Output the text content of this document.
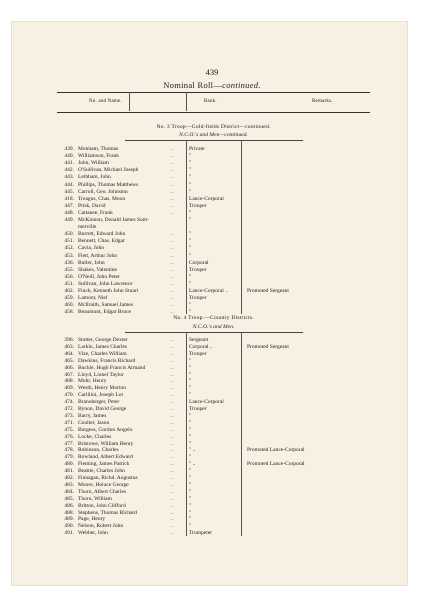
439
Nominal Roll—continued.
No. and Name.	Rank.	Remarks.
No. 3 Troop—Gold-fields District—continued.
N.C.O.'s and Men—continued.
439. Monham, Thomas	..	Private
440. Williamson, Frank	..	"
441. John, William	..	"
442. O'Sullivan, Michael Joseph	..	"
443. Lethbam, John	..	"
444. Phillips, Thomas Matthews	..	"
445. Carroll, Geo. Johnston	..	"
418. Treagus, Chas. Moon	..	Lance-Corporal
447. Prisk, David	..	Trooper
448. Cattanee, Frank	..	"
449. McKinnon, Donald James Som-	"
merville
450. Burrett, Edward John	..	"
451. Bennett, Chas. Edgar	..	"
452. Cavia, John	..	"
453. Flett, Arthur John	..	"
436. Butler, John	..	Corporal
455. Shakes, Valentine	..	Trooper
456. O'Neill, John Peter	..	"
451. Sullivan, John Lawrence	..	"
462. Finch, Kenneth John Stuart	..	Lance-Corporal ..	Promoted Sergeant
459. Lamont, Niel	..	Trooper
460. McIlraith, Samuel James	..	"
458. Beaumont, Edgar Bruce	..	"
No. 4 Troop.—Country Districts.
N.C.O.'s and Men.
396. Stotter, George Dexter	..	Sergeant
463. Larkin, James Charles	..	Corporal ..	Promoted Sergeant
464. Vize, Charles William	..	Trooper
465. Dawkins, Francis Richard	..	"
466. Buckle, Hugh Francis Armand	..	"
467. Lloyd, Lionel Taylor	..	"
468. Mohr, Henry	..	"
469. Westh, Henry Morton	..	"
470. Carlilini, Joseph Lot	..	"
474. Branoberger, Peter	..	Lance-Corporal
472. Bynon, David George	..	Trooper
473. Barry, James	..	"
471. Coulter, Jason	..	"
475. Burgess, Gordon Angelo	..	"
476. Locke, Charles	..	"
477. Bristowe, William Henry	..	"
478. Robinson, Charles	..	" ..	Promoted Lance-Corporal
479. Rowland, Albert Edward	..	"
480. Fleming, James Patrick	..	" ..	Promoted Lance-Corporal
481. Beattie, Charles John	..	"
482. Finnagan, Richd. Augustus	..	"
483. Moore, Horace George	..	"
484. Thorn, Albert Charles	..	"
485. Thorn, William	..	"
486. Britton, John Clifford	..	"
488. Stephens, Thomas Richard	..	"
489. Page, Henry	..	"
490. Nelson, Robert John	..	"
491. Webber, John	..	Trumpeter
